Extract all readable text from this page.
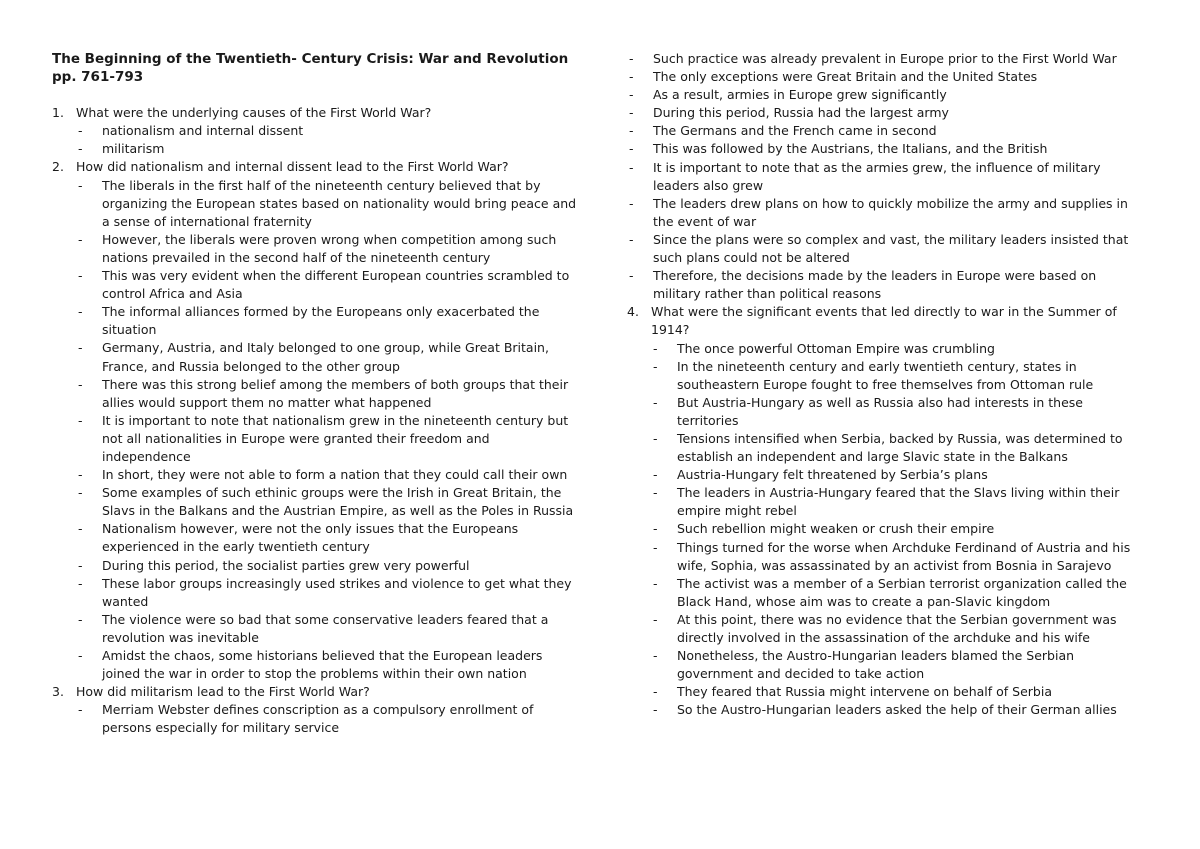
The Beginning of the Twentieth- Century Crisis: War and Revolution
pp. 761-793
1. What were the underlying causes of the First World War?
- nationalism and internal dissent
- militarism
2. How did nationalism and internal dissent lead to the First World War?
- The liberals in the first half of the nineteenth century believed that by organizing the European states based on nationality would bring peace and a sense of international fraternity
- However, the liberals were proven wrong when competition among such nations prevailed in the second half of the nineteenth century
- This was very evident when the different European countries scrambled to control Africa and Asia
- The informal alliances formed by the Europeans only exacerbated the situation
- Germany, Austria, and Italy belonged to one group, while Great Britain, France, and Russia belonged to the other group
- There was this strong belief among the members of both groups that their allies would support them no matter what happened
- It is important to note that nationalism grew in the nineteenth century but not all nationalities in Europe were granted their freedom and independence
- In short, they were not able to form a nation that they could call their own
- Some examples of such ethinic groups were the Irish in Great Britain, the Slavs in the Balkans and the Austrian Empire, as well as the Poles in Russia
- Nationalism however, were not the only issues that the Europeans experienced in the early twentieth century
- During this period, the socialist parties grew very powerful
- These labor groups increasingly used strikes and violence to get what they wanted
- The violence were so bad that some conservative leaders feared that a revolution was inevitable
- Amidst the chaos, some historians believed that the European leaders joined the war in order to stop the problems within their own nation
3. How did militarism lead to the First World War?
- Merriam Webster defines conscription as a compulsory enrollment of persons especially for military service
- Such practice was already prevalent in Europe prior to the First World War
- The only exceptions were Great Britain and the United States
- As a result, armies in Europe grew significantly
- During this period, Russia had the largest army
- The Germans and the French came in second
- This was followed by the Austrians, the Italians, and the British
- It is important to note that as the armies grew, the influence of military leaders also grew
- The leaders drew plans on how to quickly mobilize the army and supplies in the event of war
- Since the plans were so complex and vast, the military leaders insisted that such plans could not be altered
- Therefore, the decisions made by the leaders in Europe were based on military rather than political reasons
4. What were the significant events that led directly to war in the Summer of 1914?
- The once powerful Ottoman Empire was crumbling
- In the nineteenth century and early twentieth century, states in southeastern Europe fought to free themselves from Ottoman rule
- But Austria-Hungary as well as Russia also had interests in these territories
- Tensions intensified when Serbia, backed by Russia, was determined to establish an independent and large Slavic state in the Balkans
- Austria-Hungary felt threatened by Serbia’s plans
- The leaders in Austria-Hungary feared that the Slavs living within their empire might rebel
- Such rebellion might weaken or crush their empire
- Things turned for the worse when Archduke Ferdinand of Austria and his wife, Sophia, was assassinated by an activist from Bosnia in Sarajevo
- The activist was a member of a Serbian terrorist organization called the Black Hand, whose aim was to create a pan-Slavic kingdom
- At this point, there was no evidence that the Serbian government was directly involved in the assassination of the archduke and his wife
- Nonetheless, the Austro-Hungarian leaders blamed the Serbian government and decided to take action
- They feared that Russia might intervene on behalf of Serbia
- So the Austro-Hungarian leaders asked the help of their German allies
